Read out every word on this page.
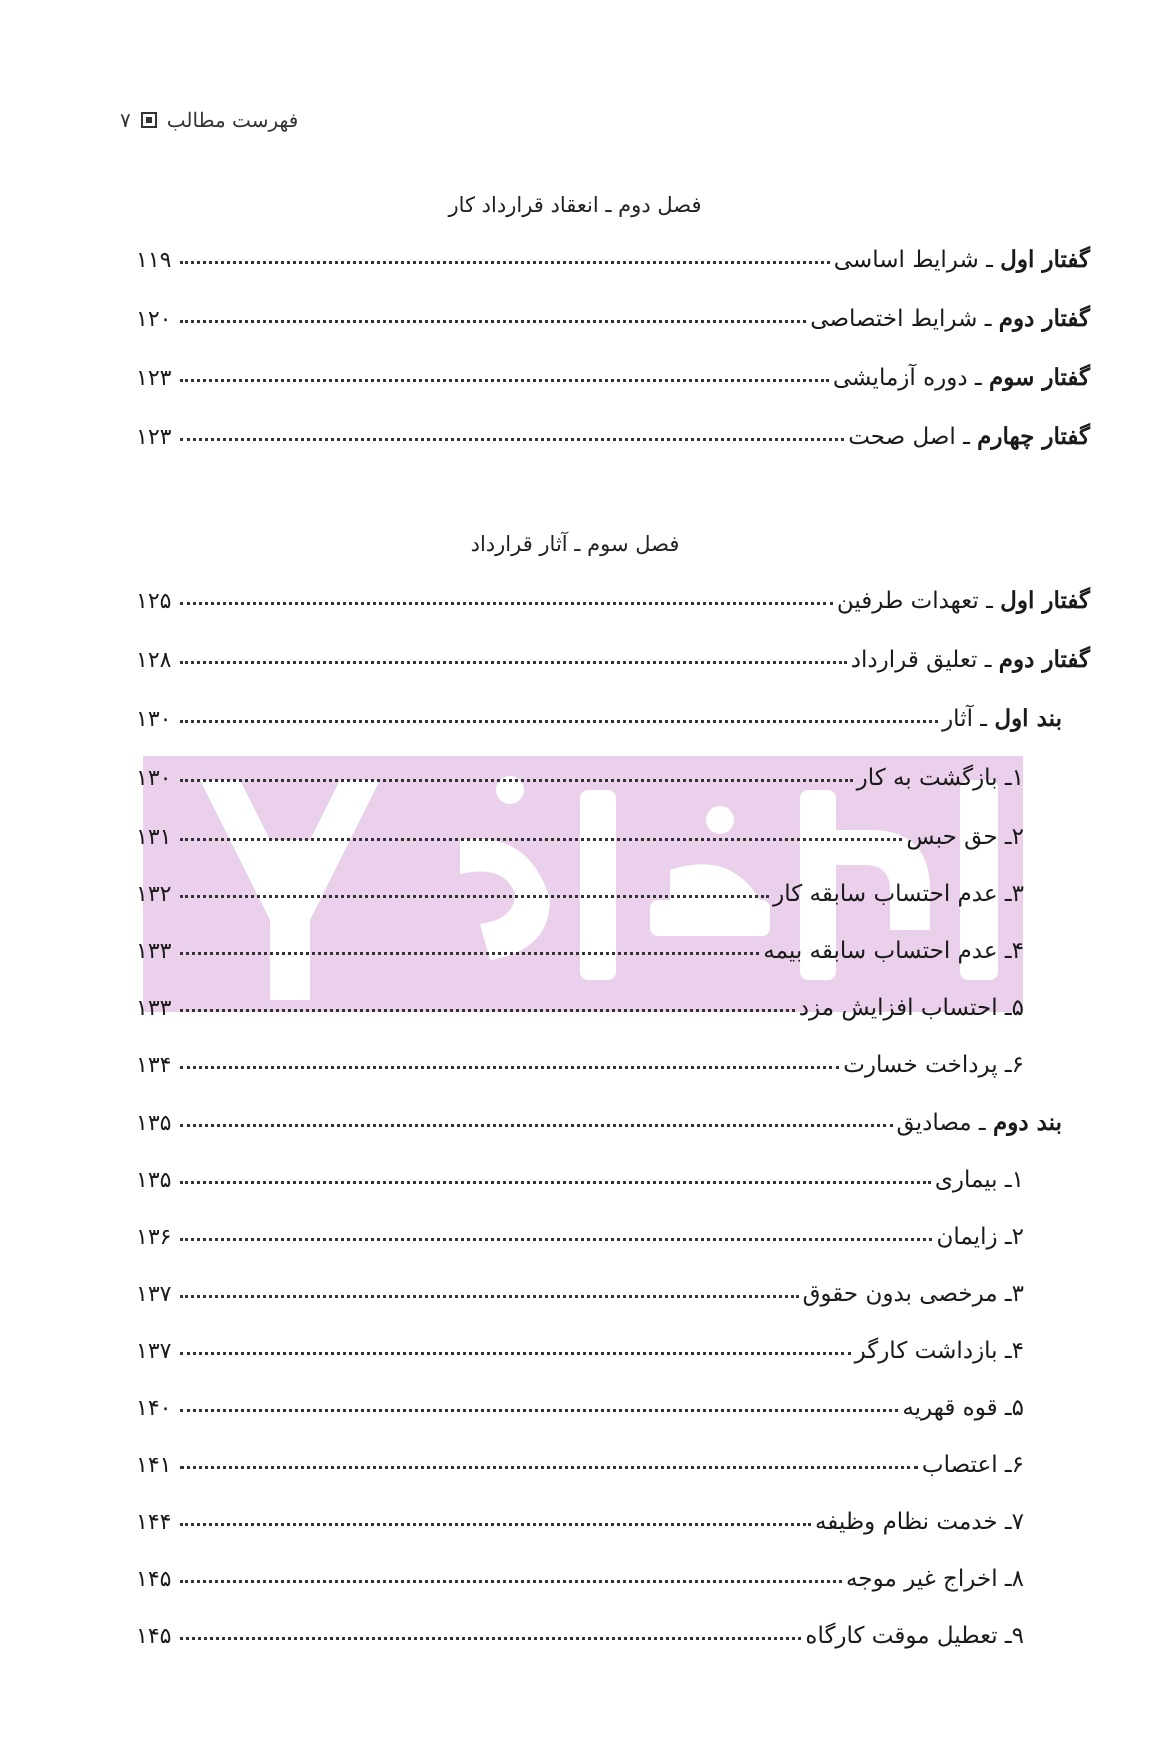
فهرست مطالب
۷
فصل دوم ـ انعقاد قرارداد کار
گفتار اول ـ شرایط اساسی
۱۱۹
گفتار دوم ـ شرایط اختصاصی
۱۲۰
گفتار سوم ـ دوره آزمایشی
۱۲۳
گفتار چهارم ـ اصل صحت
۱۲۳
فصل سوم ـ آثار قرارداد
گفتار اول ـ تعهدات طرفین
۱۲۵
گفتار دوم ـ تعلیق قرارداد
۱۲۸
بند اول ـ آثار
۱۳۰
۱ـ بازگشت به کار
۱۳۰
۲ـ حق حبس
۱۳۱
۳ـ عدم احتساب سابقه کار
۱۳۲
۴ـ عدم احتساب سابقه بیمه
۱۳۳
۵ـ احتساب افزایش مزد
۱۳۳
۶ـ پرداخت خسارت
۱۳۴
بند دوم ـ مصادیق
۱۳۵
۱ـ بیماری
۱۳۵
۲ـ زایمان
۱۳۶
۳ـ مرخصی بدون حقوق
۱۳۷
۴ـ بازداشت کارگر
۱۳۷
۵ـ قوه قهریه
۱۴۰
۶ـ اعتصاب
۱۴۱
۷ـ خدمت نظام وظیفه
۱۴۴
۸ـ اخراج غیر موجه
۱۴۵
۹ـ تعطیل موقت کارگاه
۱۴۵
